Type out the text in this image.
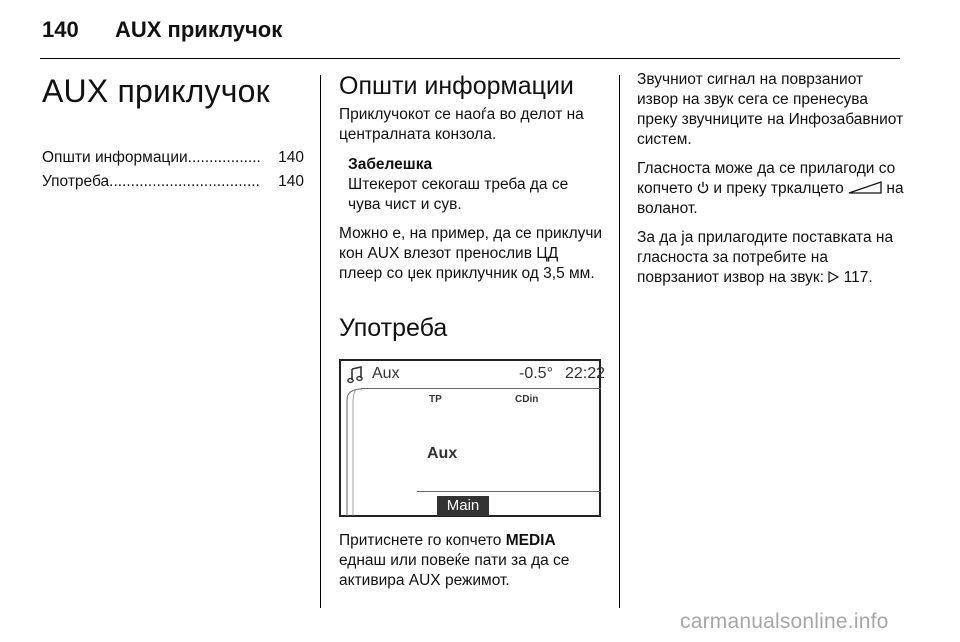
140 AUX приклучок
AUX приклучок
Општи информации .................	140
Употреба ...................................	140
Општи информации

Приклучокот се наоѓа во делот на централната конзола.

Забелешка

Штекерот секогаш треба да се чува чист и сув.

Можно е, на пример, да се приклучи кон AUX влезот пренослив ЦД плеер со џек приклучник од 3,5 мм.

Употреба
Aux	-0.5° 22:22
TP	CDin
Aux
Main

Притиснете го копчето MEDIA еднаш или повеќе пати за да се активира AUX режимот.

Звучниот сигнал на поврзаниот извор на звук сега се пренесува преку звучниците на Инфозабавниот систем.

Гласноста може да се прилагоди со копчето  и преку тркалцето  на воланот.

За да ја прилагодите поставката на гласноста за потребите на поврзаниот извор на звук:  117.

carmanualsonline.info
